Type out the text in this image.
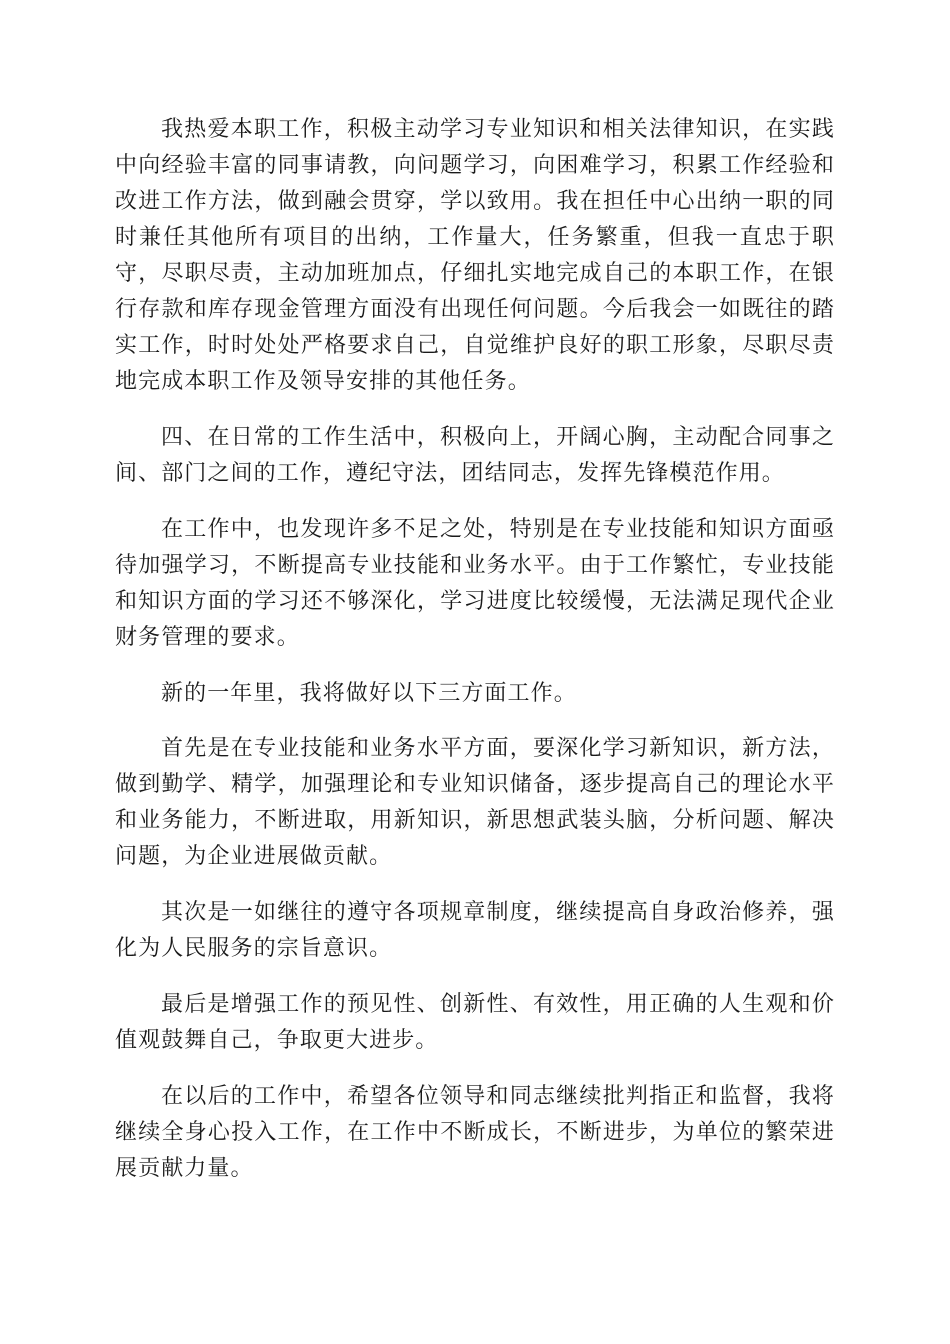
我热爱本职工作，积极主动学习专业知识和相关法律知识，在实践中向经验丰富的同事请教，向问题学习，向困难学习，积累工作经验和改进工作方法，做到融会贯穿，学以致用。我在担任中心出纳一职的同时兼任其他所有项目的出纳，工作量大，任务繁重，但我一直忠于职守，尽职尽责，主动加班加点，仔细扎实地完成自己的本职工作，在银行存款和库存现金管理方面没有出现任何问题。今后我会一如既往的踏实工作，时时处处严格要求自己，自觉维护良好的职工形象，尽职尽责地完成本职工作及领导安排的其他任务。

四、在日常的工作生活中，积极向上，开阔心胸，主动配合同事之间、部门之间的工作，遵纪守法，团结同志，发挥先锋模范作用。

在工作中，也发现许多不足之处，特别是在专业技能和知识方面亟待加强学习，不断提高专业技能和业务水平。由于工作繁忙，专业技能和知识方面的学习还不够深化，学习进度比较缓慢，无法满足现代企业财务管理的要求。

新的一年里，我将做好以下三方面工作。

首先是在专业技能和业务水平方面，要深化学习新知识，新方法，做到勤学、精学，加强理论和专业知识储备，逐步提高自己的理论水平和业务能力，不断进取，用新知识，新思想武装头脑，分析问题、解决问题，为企业进展做贡献。

其次是一如继往的遵守各项规章制度，继续提高自身政治修养，强化为人民服务的宗旨意识。

最后是增强工作的预见性、创新性、有效性，用正确的人生观和价值观鼓舞自己，争取更大进步。

在以后的工作中，希望各位领导和同志继续批判指正和监督，我将继续全身心投入工作，在工作中不断成长，不断进步，为单位的繁荣进展贡献力量。
